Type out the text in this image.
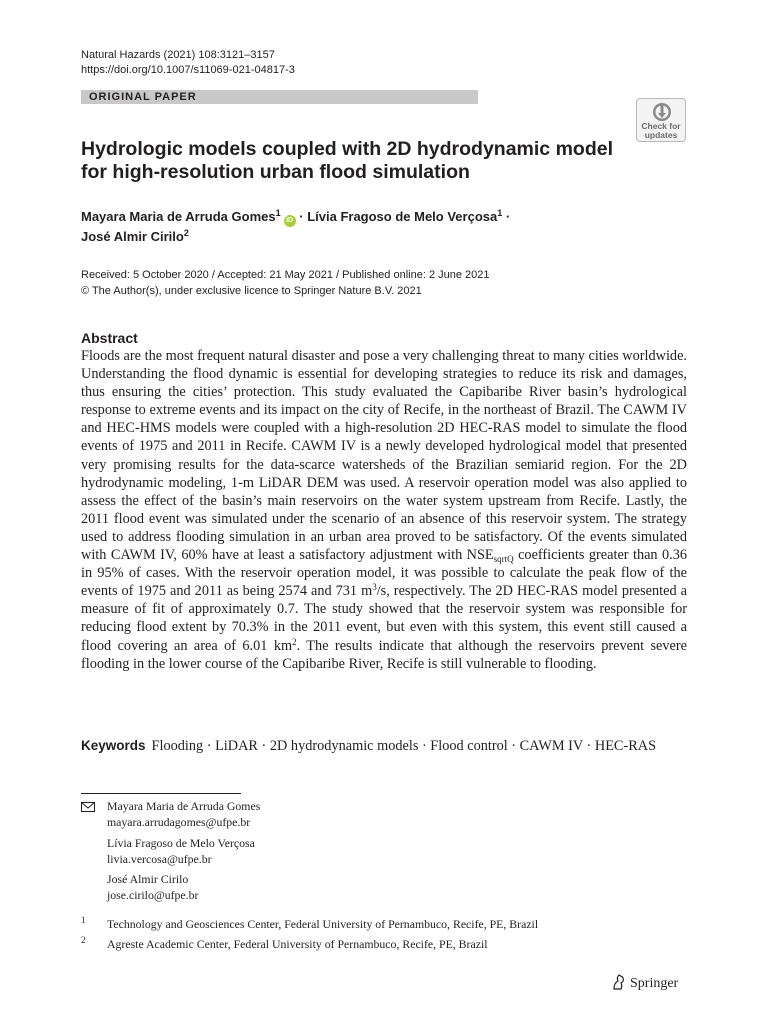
Natural Hazards (2021) 108:3121–3157
https://doi.org/10.1007/s11069-021-04817-3
ORIGINAL PAPER
Check for
updates
Hydrologic models coupled with 2D hydrodynamic model for high-resolution urban flood simulation
Mayara Maria de Arruda Gomes$^1$iD · Lívia Fragoso de Melo Verçosa$^1$ ·
José Almir Cirilo$^2$
Received: 5 October 2020 / Accepted: 21 May 2021 / Published online: 2 June 2021
© The Author(s), under exclusive licence to Springer Nature B.V. 2021
Abstract

Floods are the most frequent natural disaster and pose a very challenging threat to many cities worldwide. Understanding the flood dynamic is essential for developing strategies to reduce its risk and damages, thus ensuring the cities’ protection. This study evaluated the Capibaribe River basin’s hydrological response to extreme events and its impact on the city of Recife, in the northeast of Brazil. The CAWM IV and HEC-HMS models were coupled with a high-resolution 2D HEC-RAS model to simulate the flood events of 1975 and 2011 in Recife. CAWM IV is a newly developed hydrological model that presented very promising results for the data-scarce watersheds of the Brazilian semiarid region. For the 2D hydrodynamic modeling, 1-m LiDAR DEM was used. A reservoir operation model was also applied to assess the effect of the basin’s main reservoirs on the water system upstream from Recife. Lastly, the 2011 flood event was simulated under the scenario of an absence of this reservoir system. The strategy used to address flooding simulation in an urban area proved to be satisfactory. Of the events simulated with CAWM IV, 60% have at least a satisfactory adjustment with $NSE_{sqrtQ}$ coefficients greater than 0.36 in 95% of cases. With the reservoir operation model, it was possible to calculate the peak flow of the events of 1975 and 2011 as being 2574 and 731 $m^3/s$, respectively. The 2D HEC-RAS model presented a measure of fit of approximately 0.7. The study showed that the reservoir system was responsible for reducing flood extent by 70.3% in the 2011 event, but even with this system, this event still caused a flood covering an area of 6.01 $km^2$. The results indicate that although the reservoirs prevent severe flooding in the lower course of the Capibaribe River, Recife is still vulnerable to flooding.

Keywords Flooding · LiDAR · 2D hydrodynamic models · Flood control · CAWM IV · HEC-RAS
Mayara Maria de Arruda Gomes
mayara.arrudagomes@ufpe.br
Lívia Fragoso de Melo Verçosa
livia.vercosa@ufpe.br
José Almir Cirilo
jose.cirilo@ufpe.br
1 Technology and Geosciences Center, Federal University of Pernambuco, Recife, PE, Brazil
2 Agreste Academic Center, Federal University of Pernambuco, Recife, PE, Brazil
Springer
